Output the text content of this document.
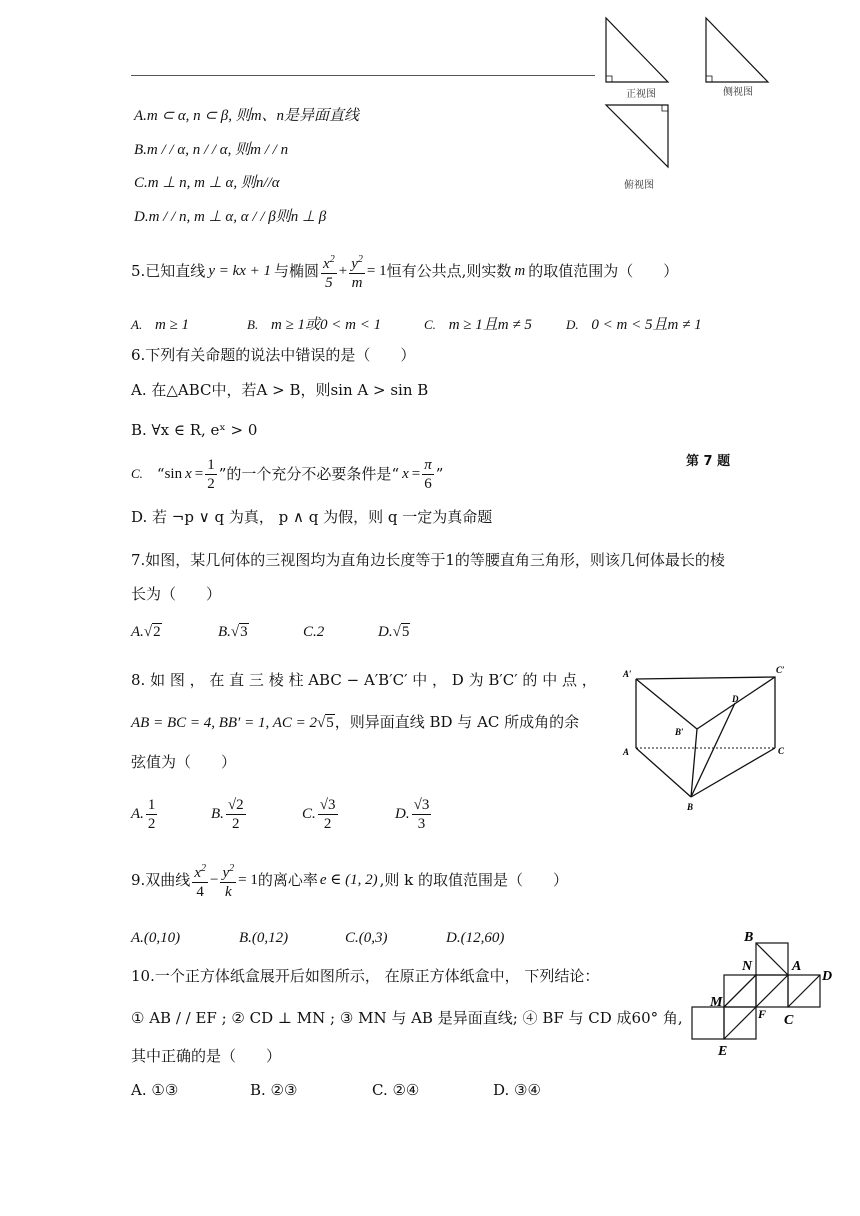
正视图	侧视图
俯视图
A.m ⊂ α, n ⊂ β, 则m、n是异面直线
B.m / / α, n / / α, 则m / / n
C.m ⊥ n, m ⊥ α, 则n//α
D.m / / n, m ⊥ α, α / / β则n ⊥ β
5.已知直线 y = kx + 1 与椭圆 $\frac{x^2}{5} + \frac{y^2}{m} = 1$ 恒有公共点,则实数 m 的取值范围为（　　）
A. m ≥ 1	B. m ≥ 1或0 < m < 1	C. m ≥ 1且m ≠ 5	D. 0 < m < 5且m ≠ 1
6.下列有关命题的说法中错误的是（　　）
A. 在△ABC中，若A > B，则sin A > sin B
B. ∀x ∈ R, eˣ > 0
C. “ $\sin x = \frac{1}{2}$ ” 的一个充分不必要条件是 “ $x = \frac{\pi}{6}$ ”
第 7 题
D. 若 ¬p ∨ q 为真， p ∧ q 为假，则 q 一定为真命题
7.如图，某几何体的三视图均为直角边长度等于1的等腰直角三角形，则该几何体最长的棱
长为（　　）
A.√2	B.√3	C.2	D.√5
8. 如 图 ， 在 直 三 棱 柱 ABC − A′B′C′ 中 ， D 为 B′C′ 的 中 点 ，
AB = BC = 4, BB′ = 1, AC = 2√5，则异面直线 BD 与 AC 所成角的余
弦值为（　　）
A. $\frac{1}{2}$	B. $\frac{√2}{2}$	C. $\frac{√3}{2}$	D. $\frac{√3}{3}$
A′	C′
D
B′
A	C
B
9.双曲线 $\frac{x^2}{4} - \frac{y^2}{k} = 1$ 的离心率 e ∈ (1, 2) ,则 k 的取值范围是（　　）
A.(0,10)	B.(0,12)	C.(0,3)	D.(12,60)
10.一个正方体纸盒展开后如图所示， 在原正方体纸盒中， 下列结论：
① AB / / EF ; ② CD ⊥ MN ; ③ MN 与 AB 是异面直线; ④ BF 与 CD 成60° 角,
其中正确的是（　　）
A. ①③	B. ②③	C. ②④	D. ③④
B
N	A
D
M
F C
E
